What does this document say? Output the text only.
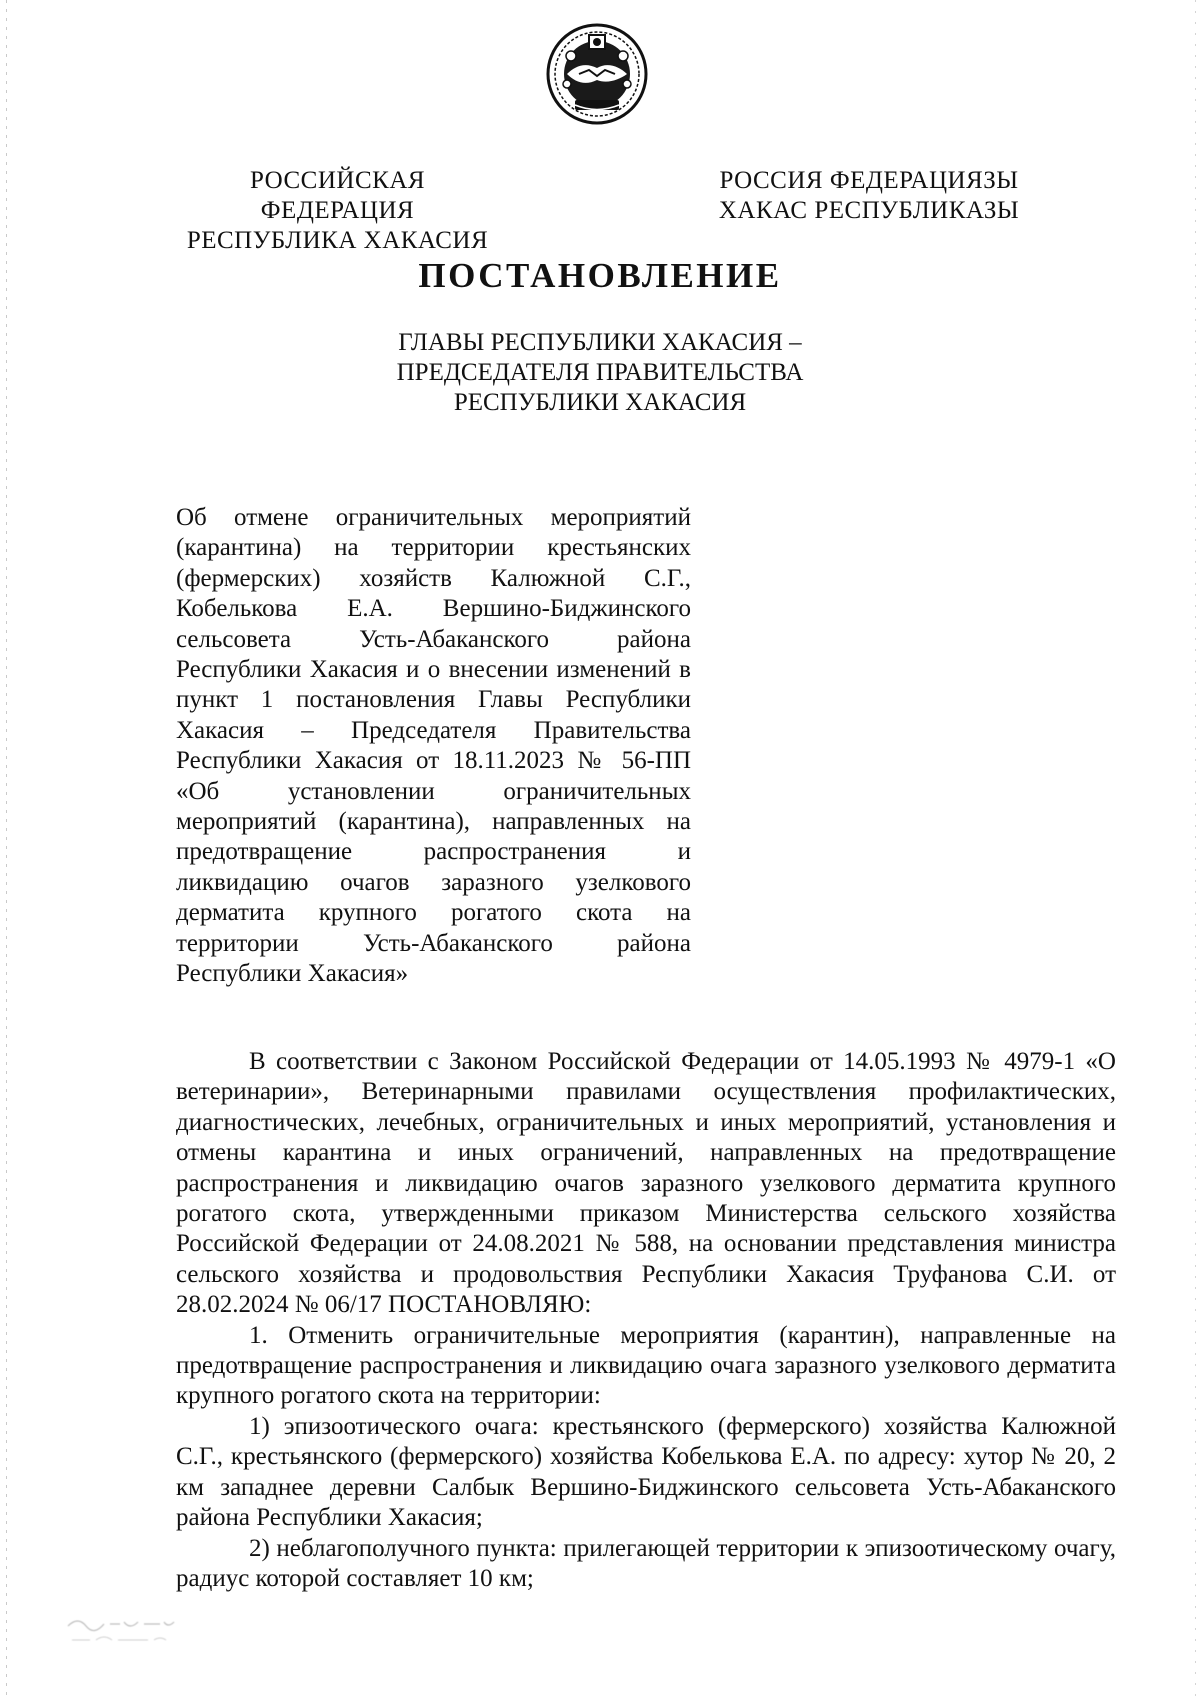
РОССИЙСКАЯ ФЕДЕРАЦИЯ
РЕСПУБЛИКА ХАКАСИЯ
РОССИЯ ФЕДЕРАЦИЯЗЫ
ХАКАС РЕСПУБЛИКАЗЫ
ПОСТАНОВЛЕНИЕ
ГЛАВЫ РЕСПУБЛИКИ ХАКАСИЯ –
ПРЕДСЕДАТЕЛЯ ПРАВИТЕЛЬСТВА
РЕСПУБЛИКИ ХАКАСИЯ
Об отмене ограничительных мероприятий (карантина) на территории крестьянских (фермерских) хозяйств Калюжной С.Г., Кобелькова Е.А. Вершино-Биджинского сельсовета Усть-Абаканского района Республики Хакасия и о внесении изменений в пункт 1 постановления Главы Республики Хакасия – Председателя Правительства Республики Хакасия от 18.11.2023 № 56-ПП «Об установлении ограничительных мероприятий (карантина), направленных на предотвращение распространения и ликвидацию очагов заразного узелкового дерматита крупного рогатого скота на территории Усть-Абаканского района Республики Хакасия»

В соответствии с Законом Российской Федерации от 14.05.1993 № 4979-1 «О ветеринарии», Ветеринарными правилами осуществления профилактических, диагностических, лечебных, ограничительных и иных мероприятий, установления и отмены карантина и иных ограничений, направленных на предотвращение распространения и ликвидацию очагов заразного узелкового дерматита крупного рогатого скота, утвержденными приказом Министерства сельского хозяйства Российской Федерации от 24.08.2021 № 588, на основании представления министра сельского хозяйства и продовольствия Республики Хакасия Труфанова С.И. от 28.02.2024 № 06/17 ПОСТАНОВЛЯЮ:

1. Отменить ограничительные мероприятия (карантин), направленные на предотвращение распространения и ликвидацию очага заразного узелкового дерматита крупного рогатого скота на территории:

1) эпизоотического очага: крестьянского (фермерского) хозяйства Калюжной С.Г., крестьянского (фермерского) хозяйства Кобелькова Е.А. по адресу: хутор № 20, 2 км западнее деревни Салбык Вершино-Биджинского сельсовета Усть-Абаканского района Республики Хакасия;

2) неблагополучного пункта: прилегающей территории к эпизоотическому очагу, радиус которой составляет 10 км;
